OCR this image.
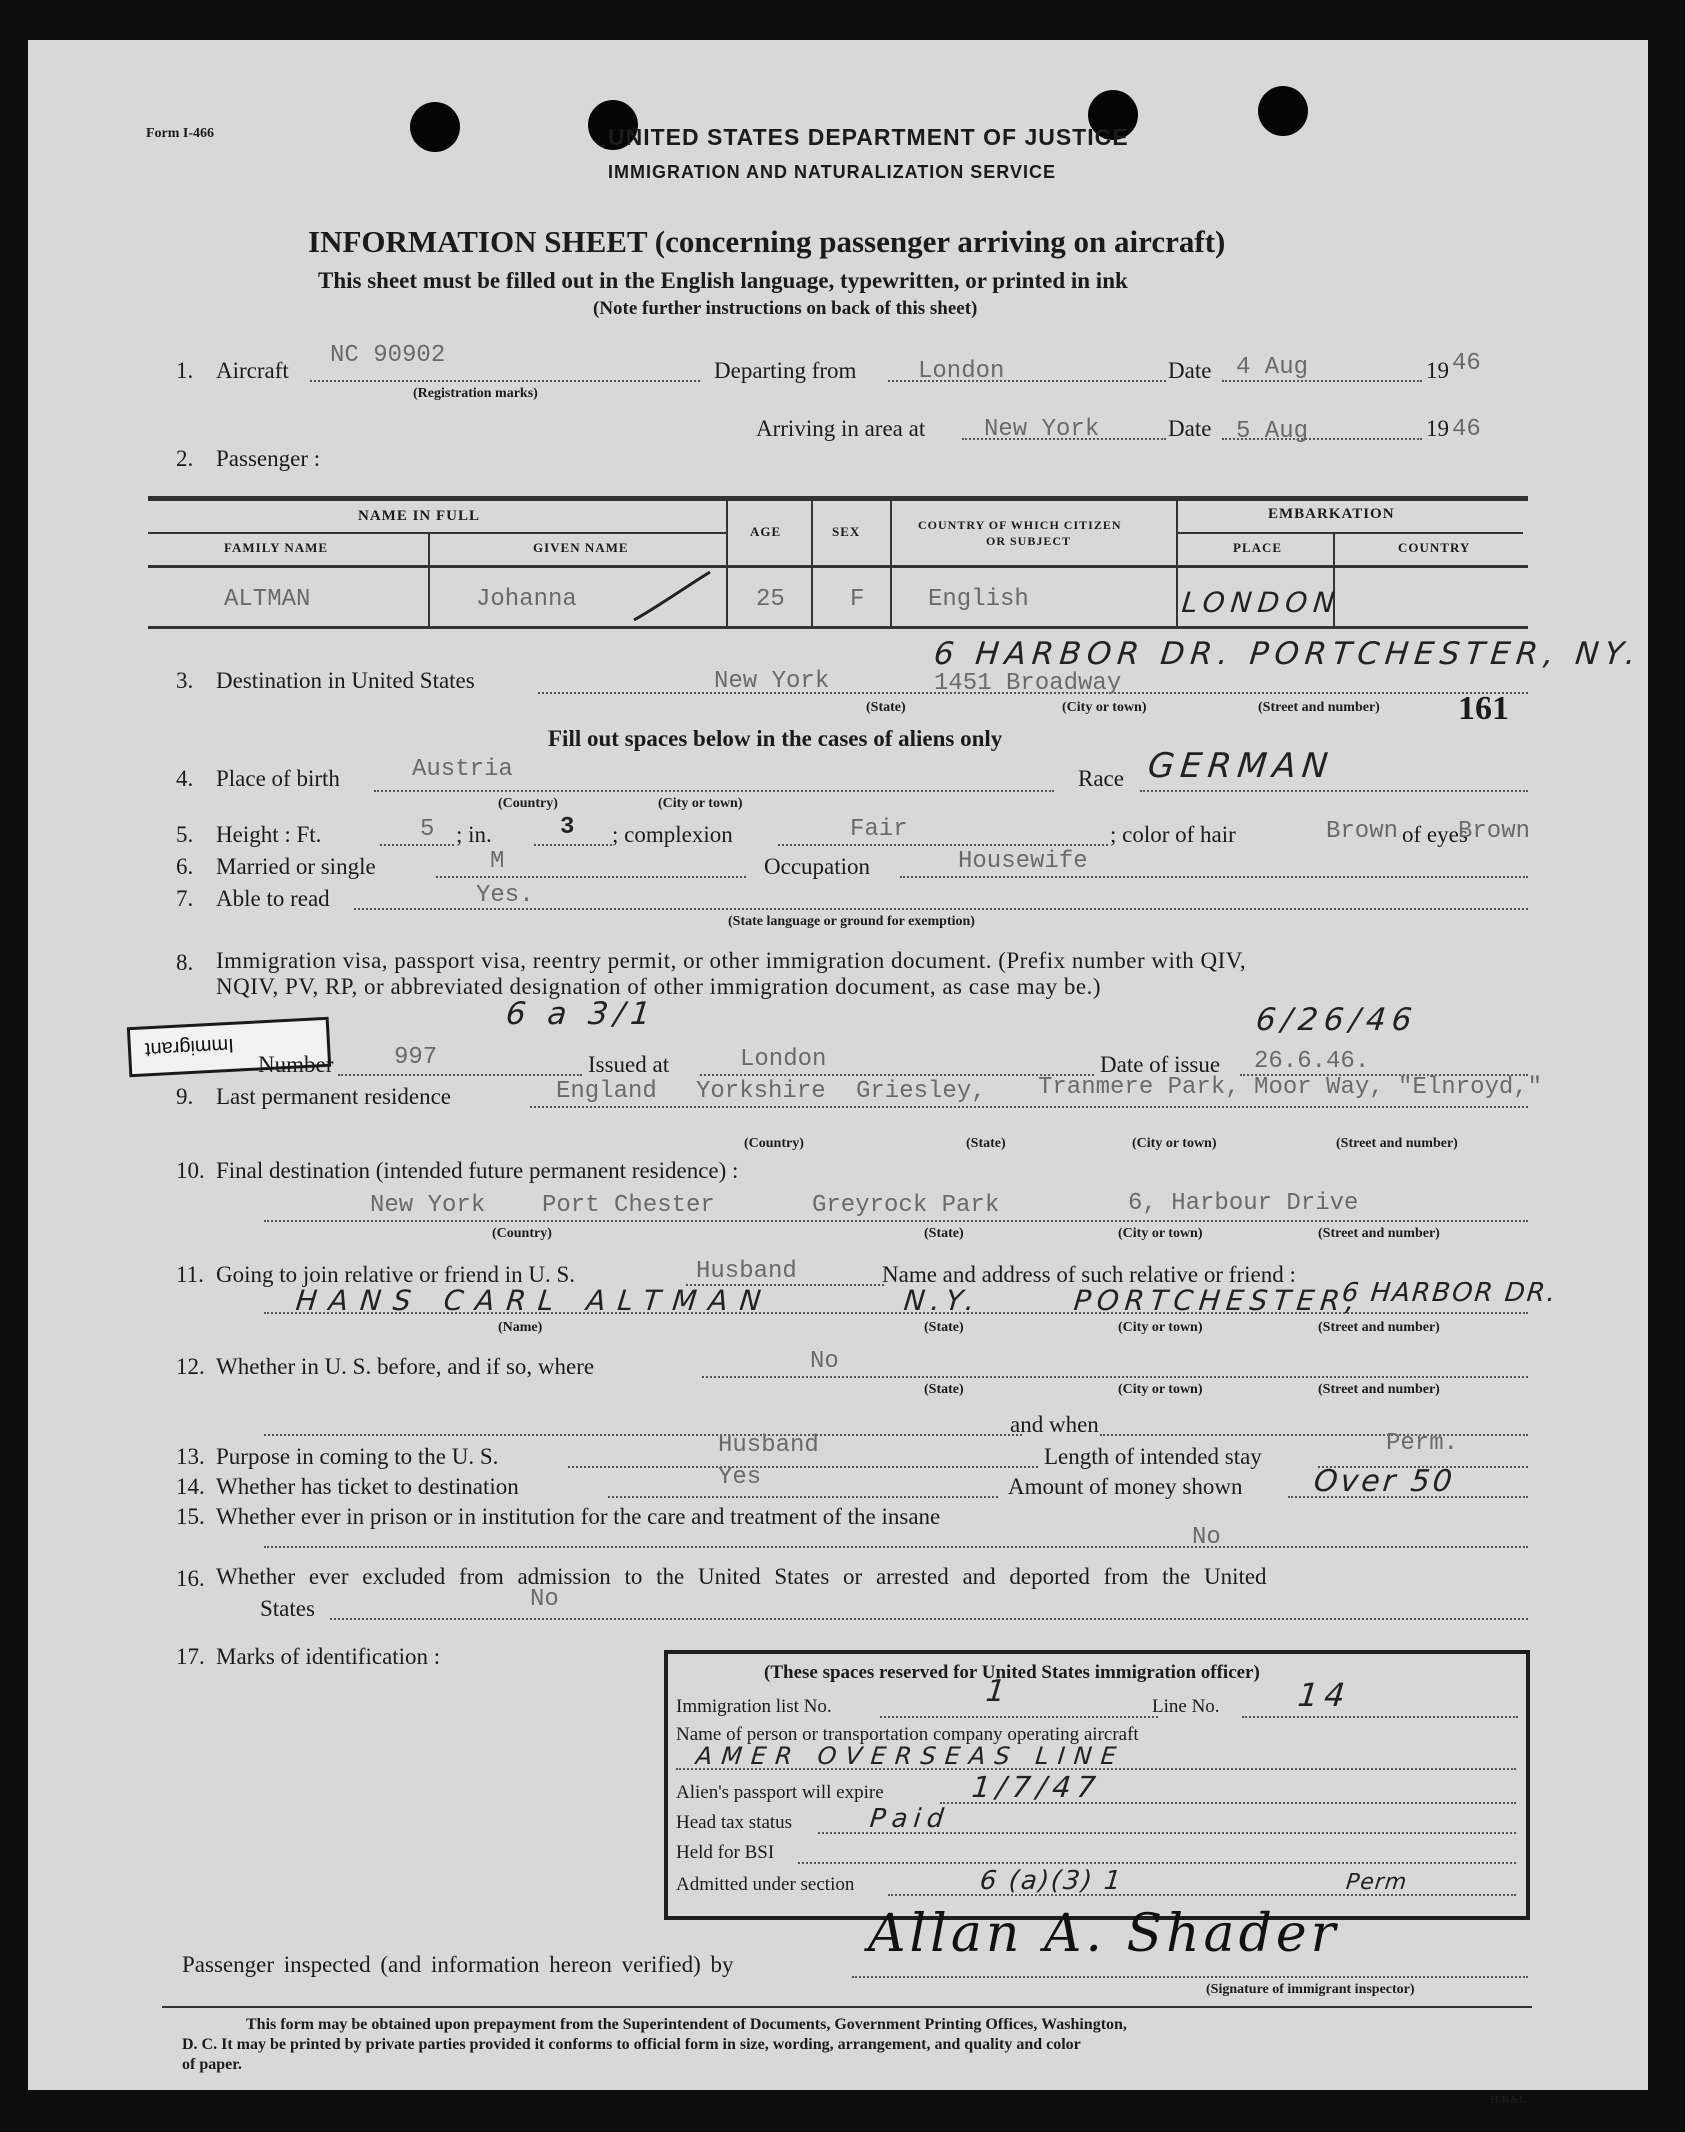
Form I-466	UNITED STATES DEPARTMENT OF JUSTICE
IMMIGRATION AND NATURALIZATION SERVICE
INFORMATION SHEET (concerning passenger arriving on aircraft)
This sheet must be filled out in the English language, typewritten, or printed in ink
(Note further instructions on back of this sheet)
1. Aircraft
NC 90902
(Registration marks)
Departing from	London	Date 4 Aug	19 46
Arriving in area at New York	Date 5 Aug	19 46
2. Passenger :
NAME IN FULL
FAMILY NAME	GIVEN NAME
AGE	SEX	COUNTRY OF WHICH CITIZEN
OR SUBJECT
EMBARKATION
PLACE	COUNTRY
ALTMAN	Johanna	25	F	English	LONDON
6 HARBOR DR. PORTCHESTER, NY.
3. Destination in United States	New York	1451 Broadway
(State)	(City or town)	(Street and number) 161
Fill out spaces below in the cases of aliens only
4. Place of birth	Austria
(Country)	(City or town)
Race GERMAN
5. Height : Ft.	5 ; in.	3 ; complexion	Fair	; color of hair	Brown of eyes
Brown
6. Married or single	M	Occupation	Housewife
7. Able to read	Yes.
(State language or ground for exemption)
8. Immigration visa, passport visa, reentry permit, or other immigration document. (Prefix number with QIV,
NQIV, PV, RP, or abbreviated designation of other immigration document, as case may be.)
6 a 3/1	6/26/46
Immigrant
Number	997	Issued at	London	Date of issue 26.6.46.
9. Last permanent residence	England Yorkshire Griesley, Tranmere Park, Moor Way, "Elnroyd,"
(Country)	(State)	(City or town)	(Street and number)
10. Final destination (intended future permanent residence) :
New York Port Chester	Greyrock Park	6, Harbour Drive
(Country)	(State)	(City or town)	(Street and number)
11. Going to join relative or friend in U. S.	Husband	Name and address of such relative or friend :
HANS CARL ALTMAN	N.Y.	PORTCHESTER,
6 HARBOR DR.
(Name)	(State)	(City or town)	(Street and number)
12. Whether in U. S. before, and if so, where	No
(State)	(City or town)	(Street and number)
and when
13. Purpose in coming to the U. S.	Husband	Length of intended stay	Perm.
14. Whether has ticket to destination	Yes	Amount of money shown Over 50
15. Whether ever in prison or in institution for the care and treatment of the insane
No
16. Whether ever excluded from admission to the United States or arrested and deported from the United
States	No
17. Marks of identification :
(These spaces reserved for United States immigration officer)
Immigration list No.	1	Line No. 14
Name of person or transportation company operating aircraft
AMER OVERSEAS LINE
Alien's passport will expire	1/7/47
Head tax status	Paid
Held for BSI
Admitted under section	6 (a)(3) 1	Perm
Passenger inspected (and information hereon verified) by
Allan A. Shader
(Signature of immigrant inspector)
This form may be obtained upon prepayment from the Superintendent of Documents, Government Printing Offices, Washington,
D. C. It may be printed by private parties provided it conforms to official form in size, wording, arrangement, and quality and color
of paper.
H/R&L
